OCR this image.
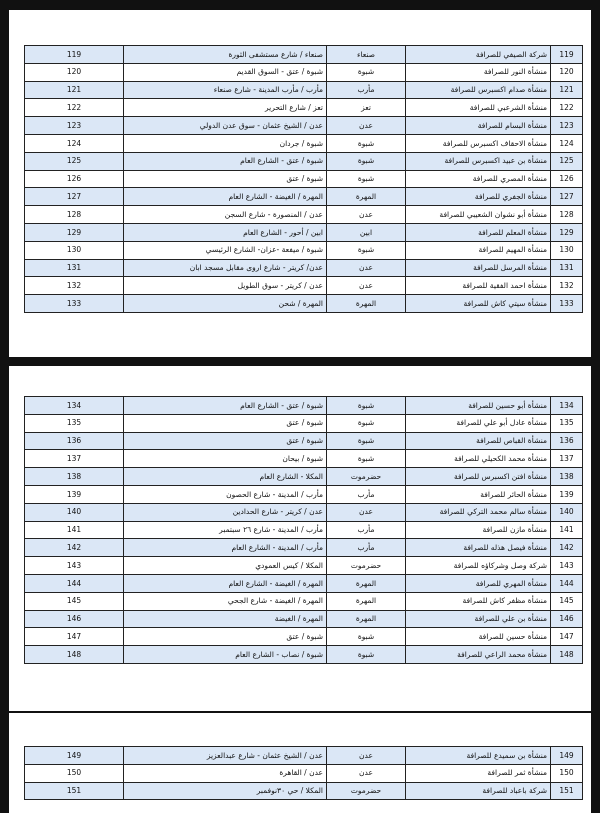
119	صنعاء / شارع مستشفى الثورة	صنعاء	شركة الصيفي للصرافة	119
120	شبوة / عتق - السوق القديم	شبوة	منشأة النور للصرافة	120
121	مأرب / مأرب المدينة - شارع صنعاء	مأرب	منشأة صدام اكسبرس للصرافة	121
122	تعز / شارع التحرير	تعز	منشأة الشرعبي للصرافة	122
123	عدن / الشيخ عثمان - سوق عدن الدولي	عدن	منشأة البسام للصرافة	123
124	شبوة / جردان	شبوة	منشأة الاحقاف اكسبرس للصرافة	124
125	شبوة / عتق - الشارع العام	شبوة	منشأة بن عبيد اكسبرس للصرافة	125
126	شبوة / عتق	شبوة	منشأة المصري للصرافة	126
127	المهرة / الغيضة - الشارع العام	المهرة	منشأة الجفري للصرافة	127
128	عدن / المنصورة - شارع السجن	عدن	منشأة أبو نشوان الشعيبي للصرافة	128
129	ابين / أحور - الشارع العام	ابين	منشأة المعلم للصرافة	129
130	شبوة / ميفعة -عزان- الشارع الرئيسي	شبوة	منشأة المهيم للصرافة	130
131	عدن/ كريتر - شارع اروى مقابل مسجد ابان	عدن	منشأة المرسل للصرافة	131
132	عدن / كريتر - سوق الطويل	عدن	منشأة احمد الفقية للصرافة	132
133	المهرة / شحن	المهرة	منشأة سيتي كاش للصرافة	133
134	شبوة / عتق - الشارع العام	شبوة	منشأة أبو حسين للصرافة	134
135	شبوة / عتق	شبوة	منشأة عادل أبو علي للصرافة	135
136	شبوة / عتق	شبوة	منشأة القباص للصرافة	136
137	شبوة / بيحان	شبوة	منشأة محمد الكحيلي للصرافة	137
138	المكلا - الشارع العام	حضرموت	منشأة افتن اكسبرس للصرافة	138
139	مأرب / المدينة - شارع الحصون	مأرب	منشأة الحائر للصرافة	139
140	عدن / كريتر - شارع الحدادين	عدن	منشأة سالم محمد التركي للصرافة	140
141	مأرب / المدينة - شارع ٢٦ سبتمبر	مأرب	منشأة مازن للصرافة	141
142	مأرب / المدينة - الشارع العام	مأرب	منشأة فيصل هذله للصرافة	142
143	المكلا / كيس العمودي	حضرموت	شركة وصل وشركاؤه للصرافة	143
144	المهرة / الغيضة - الشارع العام	المهرة	منشأة المهري للصرافة	144
145	المهرة / الغيضة - شارع الجحي	المهرة	منشأة مظفر كاش للصرافة	145
146	المهرة / الغيضة	المهرة	منشأة بن علي للصرافة	146
147	شبوة / عتق	شبوة	منشأة حسين للصرافة	147
148	شبوة / نصاب - الشارع العام	شبوة	منشأة محمد الراعي للصرافة	148
149	عدن / الشيخ عثمان - شارع عبدالعزيز	عدن	منشأة بن سميدع للصرافة	149
150	عدن / القاهرة	عدن	منشأة ثمر للصرافة	150
151	المكلا / حي ٣٠نوفمبر	حضرموت	شركة باعباد للصرافة	151
